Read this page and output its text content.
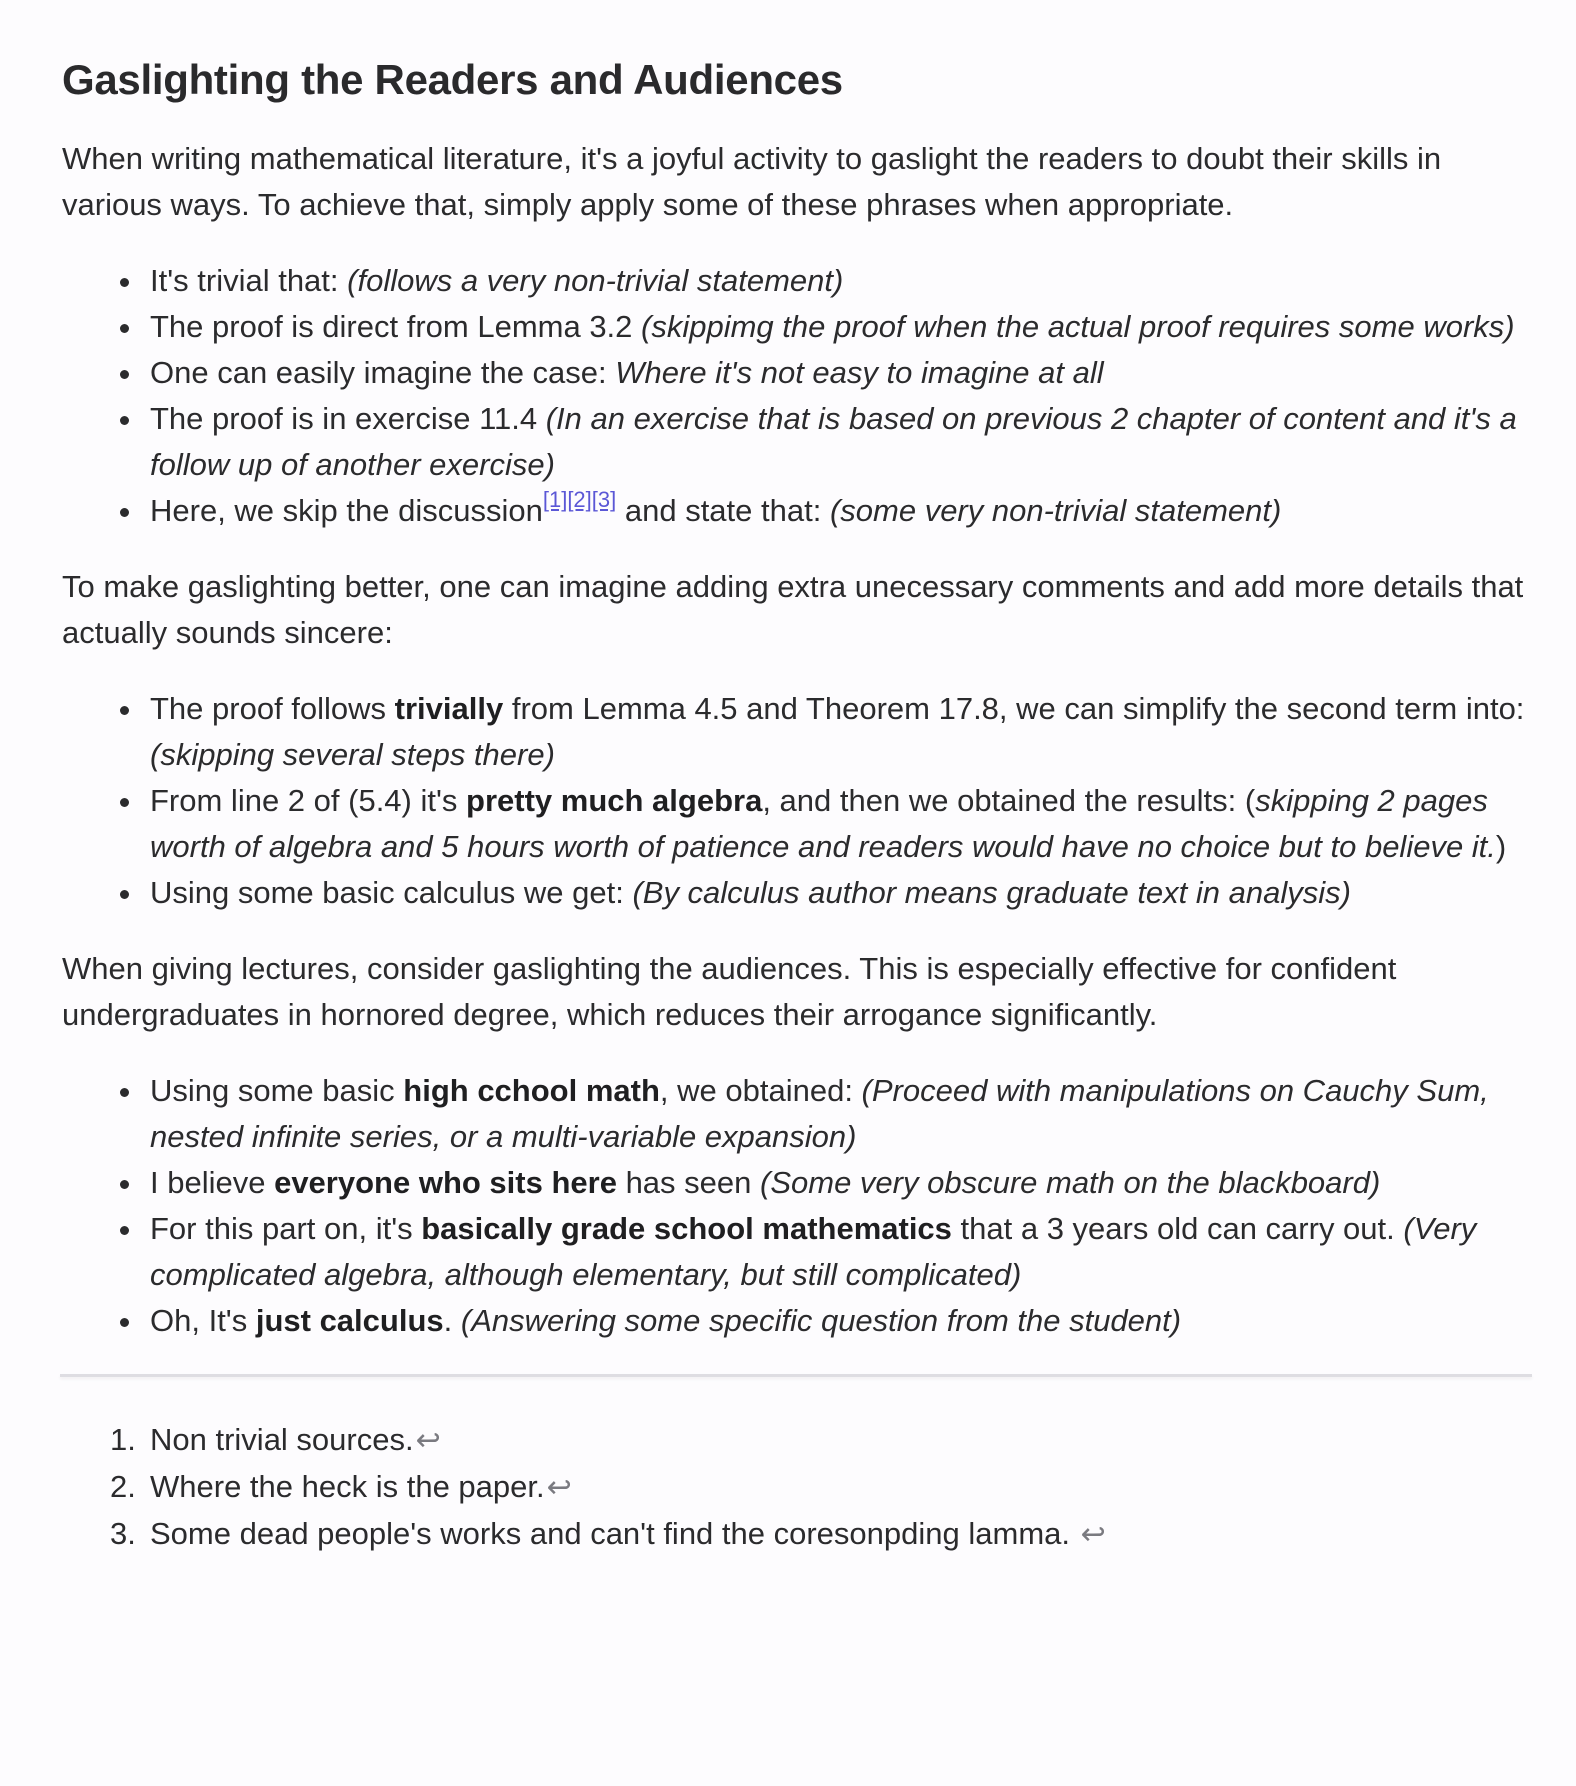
Gaslighting the Readers and Audiences

When writing mathematical literature, it's a joyful activity to gaslight the readers to doubt their skills in various ways. To achieve that, simply apply some of these phrases when appropriate.

It's trivial that: (follows a very non-trivial statement)
The proof is direct from Lemma 3.2 (skippimg the proof when the actual proof requires some works)
One can easily imagine the case: Where it's not easy to imagine at all
The proof is in exercise 11.4 (In an exercise that is based on previous 2 chapter of content and it's a follow up of another exercise)
Here, we skip the discussion[1][2][3] and state that: (some very non-trivial statement)

To make gaslighting better, one can imagine adding extra unecessary comments and add more details that actually sounds sincere:

The proof follows trivially from Lemma 4.5 and Theorem 17.8, we can simplify the second term into: (skipping several steps there)
From line 2 of (5.4) it's pretty much algebra, and then we obtained the results: (skipping 2 pages worth of algebra and 5 hours worth of patience and readers would have no choice but to believe it.)
Using some basic calculus we get: (By calculus author means graduate text in analysis)

When giving lectures, consider gaslighting the audiences. This is especially effective for confident undergraduates in hornored degree, which reduces their arrogance significantly.

Using some basic high cchool math, we obtained: (Proceed with manipulations on Cauchy Sum, nested infinite series, or a multi-variable expansion)
I believe everyone who sits here has seen (Some very obscure math on the blackboard)
For this part on, it's basically grade school mathematics that a 3 years old can carry out. (Very complicated algebra, although elementary, but still complicated)
Oh, It's just calculus. (Answering some specific question from the student)
1. Non trivial sources.↩
2. Where the heck is the paper.↩
3. Some dead people's works and can't find the coresonpding lamma. ↩
